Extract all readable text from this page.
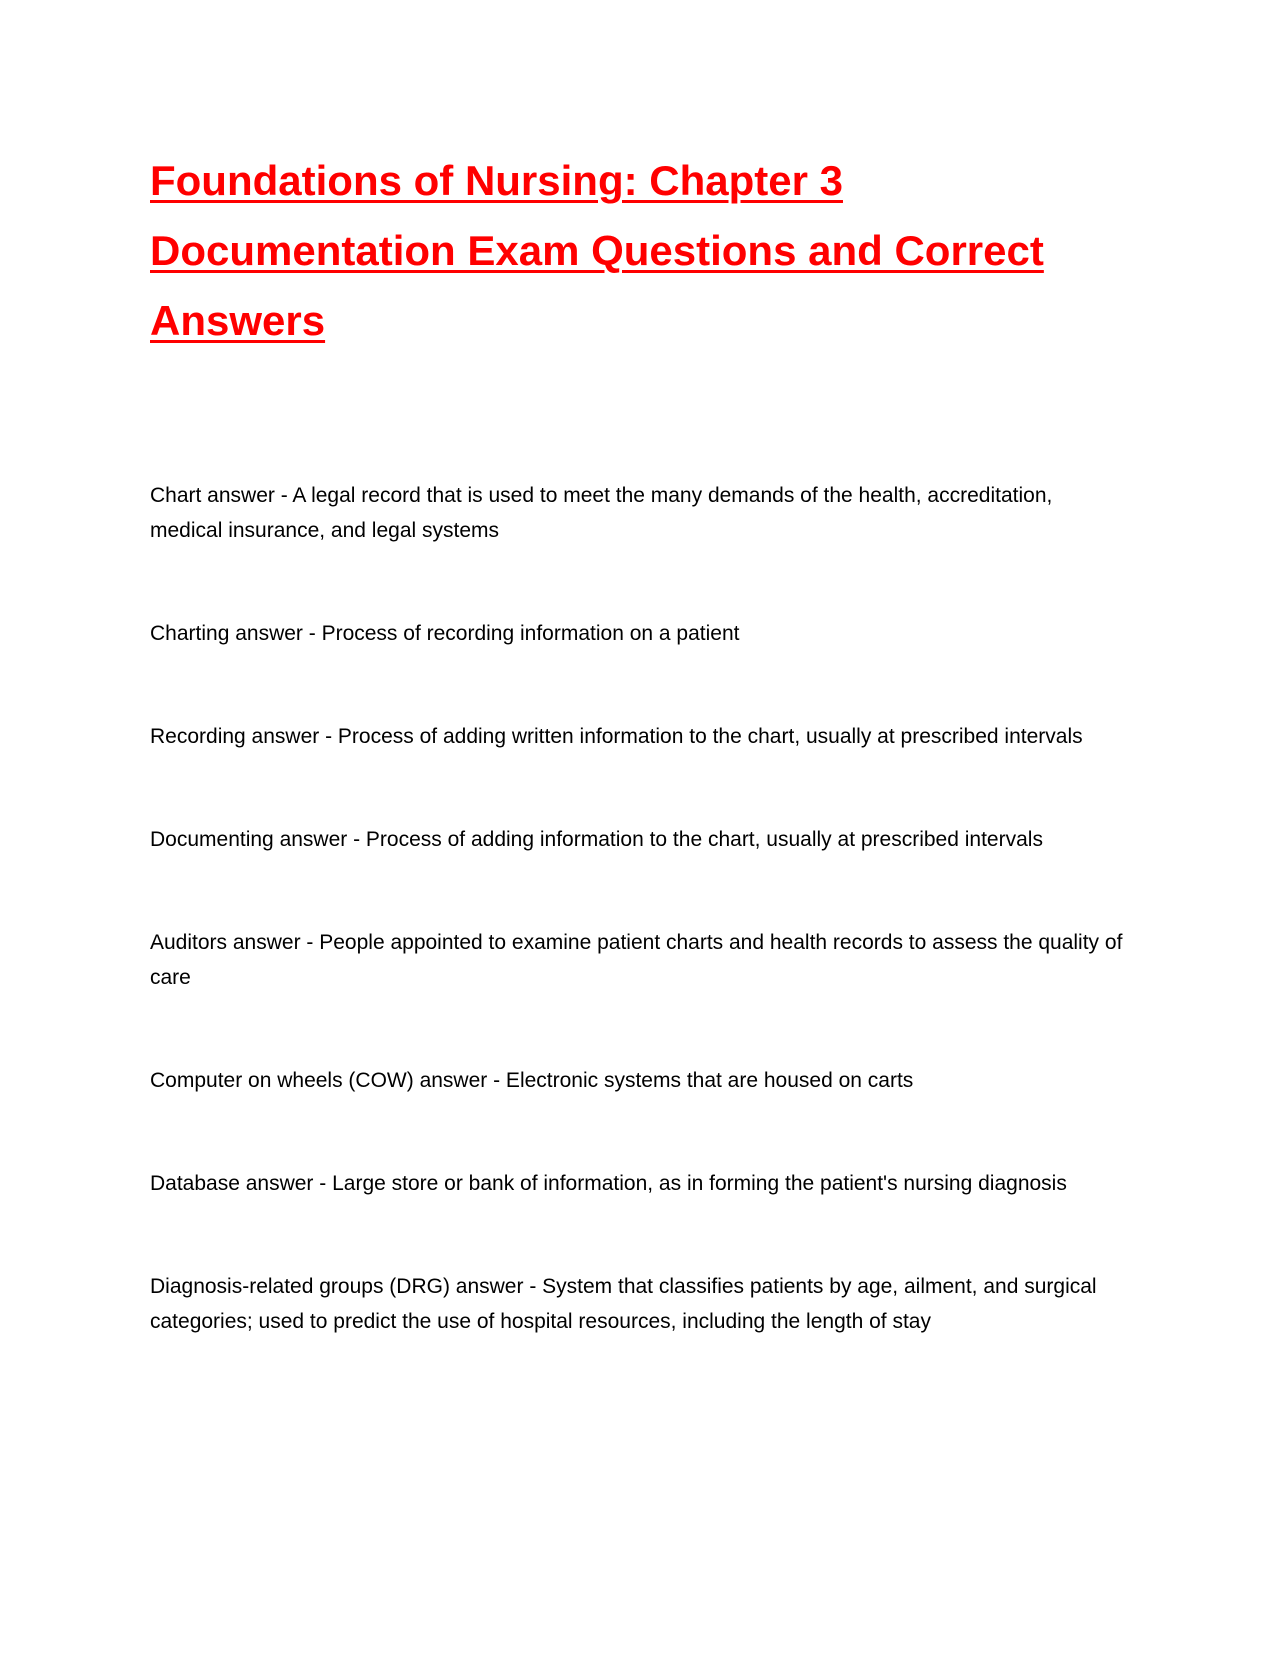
Foundations of Nursing: Chapter 3 Documentation Exam Questions and Correct Answers

Chart answer - A legal record that is used to meet the many demands of the health, accreditation, medical insurance, and legal systems

Charting answer - Process of recording information on a patient

Recording answer - Process of adding written information to the chart, usually at prescribed intervals

Documenting answer - Process of adding information to the chart, usually at prescribed intervals

Auditors answer - People appointed to examine patient charts and health records to assess the quality of care

Computer on wheels (COW) answer - Electronic systems that are housed on carts

Database answer - Large store or bank of information, as in forming the patient's nursing diagnosis

Diagnosis-related groups (DRG) answer - System that classifies patients by age, ailment, and surgical categories; used to predict the use of hospital resources, including the length of stay
